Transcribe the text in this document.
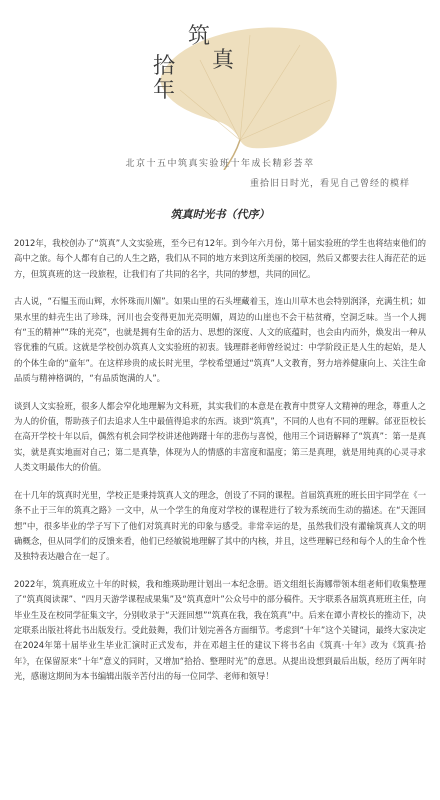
筑
真
拾
年
北京十五中筑真实验班十年成长精彩荟萃
重拾旧日时光，看见自己曾经的模样
筑真时光书（代序）

2012年，我校创办了“筑真”人文实验班，至今已有12年。到今年六月份，第十届实验班的学生也将结束他们的高中之旅。每个人都有自己的人生之路，我们从不同的地方来到这所美丽的校园，然后又都要去往人海茫茫的远方，但筑真班的这一段旅程，让我们有了共同的名字，共同的梦想，共同的回忆。

古人说，“石韫玉而山辉，水怀珠而川媚”。如果山里的石头埋藏着玉，连山川草木也会特别润泽，充满生机；如果水里的蚌壳生出了珍珠，河川也会变得更加光亮明媚，周边的山崖也不会干枯贫瘠，空洞乏味。当一个人拥有“玉的精神”“珠的光亮”，也就是拥有生命的活力、思想的深度、人文的底蕴时，也会由内而外，焕发出一种从容优雅的气质。这就是学校创办筑真人文实验班的初衷。钱理群老师曾经说过：中学阶段正是人生的起始，是人的个体生命的“童年”。在这样珍贵的成长时光里，学校希望通过“筑真”人文教育，努力培养健康向上、关注生命品质与精神格调的，“有品质饱满的人”。

谈到人文实验班，很多人都会窄化地理解为文科班，其实我们的本意是在教育中贯穿人文精神的理念，尊重人之为人的价值，帮助孩子们去追求人生中最值得追求的东西。谈到“筑真”，不同的人也有不同的理解。邰亚臣校长在高开学校十年以后，偶然有机会同学校讲述他踌躇十年的悲伤与喜悦，他用三个词语解释了“筑真”：第一是真实，就是真实地面对自己；第二是真挚，体现为人的情感的丰富度和温度；第三是真理，就是用纯真的心灵寻求人类文明最伟大的价值。

在十几年的筑真时光里，学校正是秉持筑真人文的理念，创设了不同的课程。首届筑真班的班长田宇同学在《一条不止于三年的筑真之路》一文中，从一个学生的角度对学校的课程进行了较为系统而生动的描述。在“天涯回想”中，很多毕业的学子写下了他们对筑真时光的印象与感受。非常幸运的是，虽然我们没有灌输筑真人文的明确概念，但从同学们的反馈来看，他们已经敏锐地理解了其中的内核，并且，这些理解已经和每个人的生命个性及独特表达融合在一起了。

2022年，筑真班成立十年的时候，我和维瑛助理计划出一本纪念册。语文组组长海娜带领本组老师们收集整理了“筑真阅读课”、“四月天游学课程成果集”及“筑真意叶”公众号中的部分稿件。天宇联系各届筑真班班主任，向毕业生及在校同学征集文字，分别收录于“天涯回想”“筑真在我，我在筑真”中。后来在谭小青校长的推动下，决定联系出版社将此书出版发行。受此鼓舞，我们计划完善各方面细节。考虑到“十年”这个关键词，最终大家决定在2024年第十届毕业生毕业汇演时正式发布，并在邓超主任的建议下将书名由《筑真·十年》改为《筑真·拾年》，在保留原来“十年”意义的同时，又增加“拾拾、整理时光”的意思。从提出设想到最后出版，经历了两年时光，感谢这期间为本书编辑出版辛苦付出的每一位同学、老师和领导！
